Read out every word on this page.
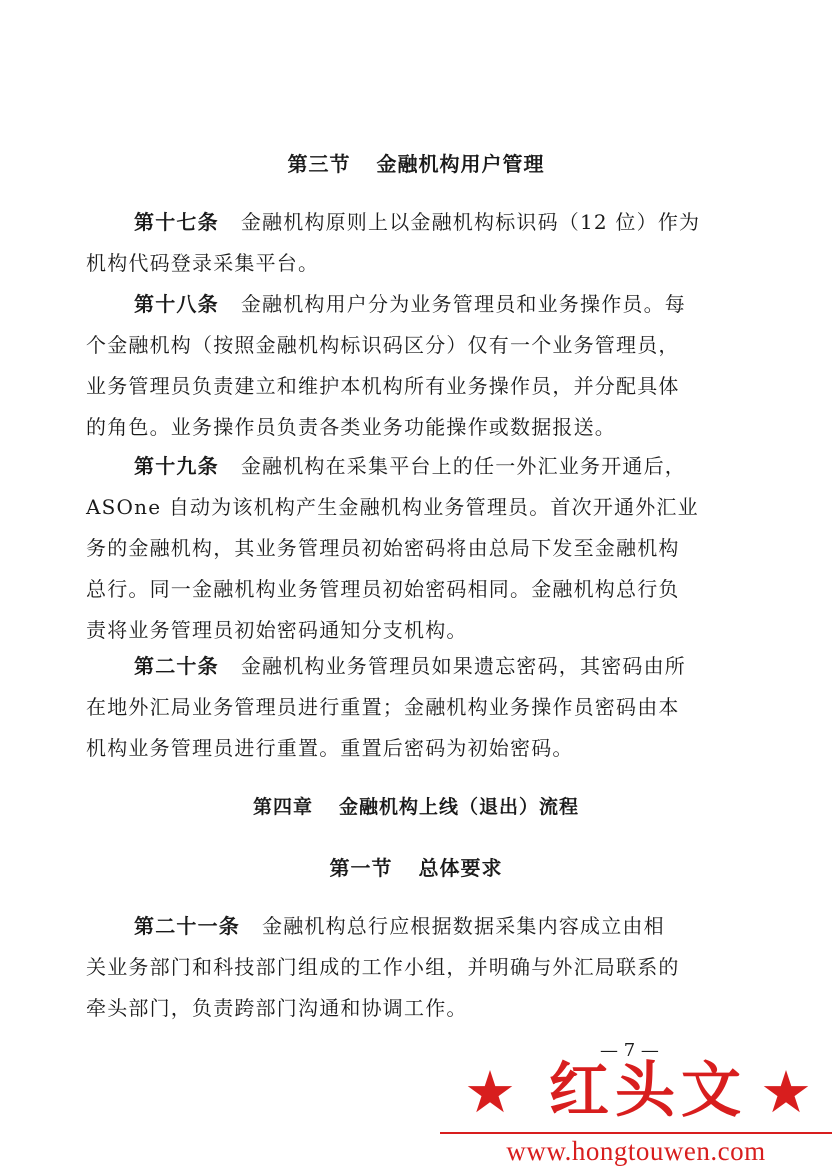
第三节 金融机构用户管理
第十七条 金融机构原则上以金融机构标识码（12 位）作为
机构代码登录采集平台。
第十八条 金融机构用户分为业务管理员和业务操作员。每
个金融机构（按照金融机构标识码区分）仅有一个业务管理员，
业务管理员负责建立和维护本机构所有业务操作员，并分配具体
的角色。业务操作员负责各类业务功能操作或数据报送。
第十九条 金融机构在采集平台上的任一外汇业务开通后，
ASOne 自动为该机构产生金融机构业务管理员。首次开通外汇业
务的金融机构，其业务管理员初始密码将由总局下发至金融机构
总行。同一金融机构业务管理员初始密码相同。金融机构总行负
责将业务管理员初始密码通知分支机构。
第二十条 金融机构业务管理员如果遗忘密码，其密码由所
在地外汇局业务管理员进行重置；金融机构业务操作员密码由本
机构业务管理员进行重置。重置后密码为初始密码。
第四章 金融机构上线（退出）流程
第一节 总体要求
第二十一条 金融机构总行应根据数据采集内容成立由相
关业务部门和科技部门组成的工作小组，并明确与外汇局联系的
牵头部门，负责跨部门沟通和协调工作。
— 7 —
★ 红头文 ★
www.hongtouwen.com
